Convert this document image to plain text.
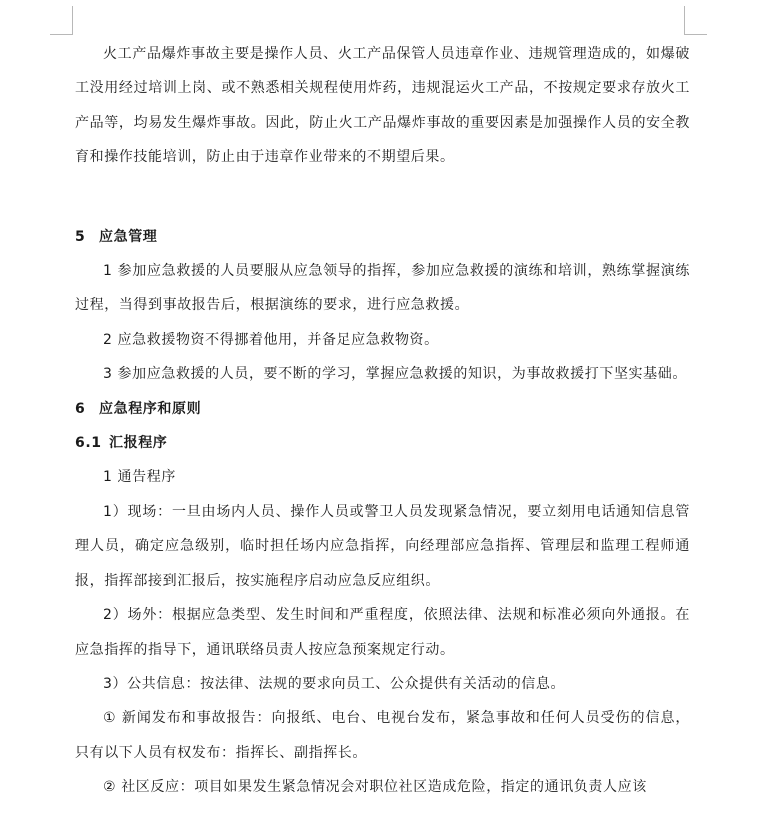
火工产品爆炸事故主要是操作人员、火工产品保管人员违章作业、违规管理造成的，如爆破工没用经过培训上岗、或不熟悉相关规程使用炸药，违规混运火工产品，不按规定要求存放火工产品等，均易发生爆炸事故。因此，防止火工产品爆炸事故的重要因素是加强操作人员的安全教育和操作技能培训，防止由于违章作业带来的不期望后果。

5 应急管理

1 参加应急救援的人员要服从应急领导的指挥，参加应急救援的演练和培训，熟练掌握演练过程，当得到事故报告后，根据演练的要求，进行应急救援。

2 应急救援物资不得挪着他用，并备足应急救物资。

3 参加应急救援的人员，要不断的学习，掌握应急救援的知识，为事故救援打下坚实基础。

6 应急程序和原则

6.1 汇报程序

1 通告程序

1）现场：一旦由场内人员、操作人员或警卫人员发现紧急情况，要立刻用电话通知信息管理人员，确定应急级别，临时担任场内应急指挥，向经理部应急指挥、管理层和监理工程师通报，指挥部接到汇报后，按实施程序启动应急反应组织。

2）场外：根据应急类型、发生时间和严重程度，依照法律、法规和标准必须向外通报。在应急指挥的指导下，通讯联络员责人按应急预案规定行动。

3）公共信息：按法律、法规的要求向员工、公众提供有关活动的信息。

① 新闻发布和事故报告：向报纸、电台、电视台发布，紧急事故和任何人员受伤的信息，只有以下人员有权发布：指挥长、副指挥长。

② 社区反应：项目如果发生紧急情况会对职位社区造成危险，指定的通讯负责人应该
